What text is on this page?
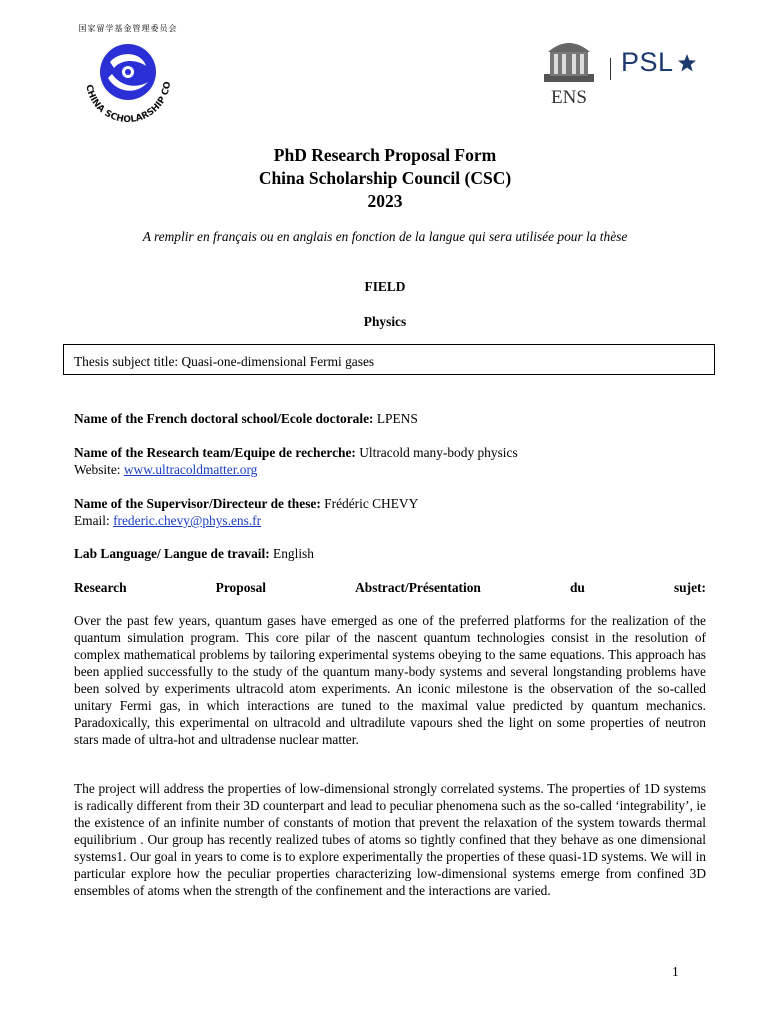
CHINA SCHOLARSHIP CO
国家留学基金管理委员会
ENS
PSL
PhD Research Proposal Form
China Scholarship Council (CSC)
2023
A remplir en français ou en anglais en fonction de la langue qui sera utilisée pour la thèse
FIELD
Physics
Thesis subject title: Quasi-one-dimensional Fermi gases
Name of the French doctoral school/Ecole doctorale: LPENS
Name of the Research team/Equipe de recherche: Ultracold many-body physics
Website: www.ultracoldmatter.org
Name of the Supervisor/Directeur de these: Frédéric CHEVY
Email: frederic.chevy@phys.ens.fr
Lab Language/ Langue de travail: English
Research	Proposal	Abstract/Présentation	du	sujet:
Over the past few years, quantum gases have emerged as one of the preferred platforms for the realization of the quantum simulation program. This core pilar of the nascent quantum technologies consist in the resolution of complex mathematical problems by tailoring experimental systems obeying to the same equations. This approach has been applied successfully to the study of the quantum many-body systems and several longstanding problems have been solved by experiments ultracold atom experiments. An iconic milestone is the observation of the so-called unitary Fermi gas, in which interactions are tuned to the maximal value predicted by quantum mechanics. Paradoxically, this experimental on ultracold and ultradilute vapours shed the light on some properties of neutron stars made of ultra-hot and ultradense nuclear matter.
The project will address the properties of low-dimensional strongly correlated systems. The properties of 1D systems is radically different from their 3D counterpart and lead to peculiar phenomena such as the so-called ‘integrability’, ie the existence of an infinite number of constants of motion that prevent the relaxation of the system towards thermal equilibrium . Our group has recently realized tubes of atoms so tightly confined that they behave as one dimensional systems1. Our goal in years to come is to explore experimentally the properties of these quasi-1D systems. We will in particular explore how the peculiar properties characterizing low-dimensional systems emerge from confined 3D ensembles of atoms when the strength of the confinement and the interactions are varied.
1
